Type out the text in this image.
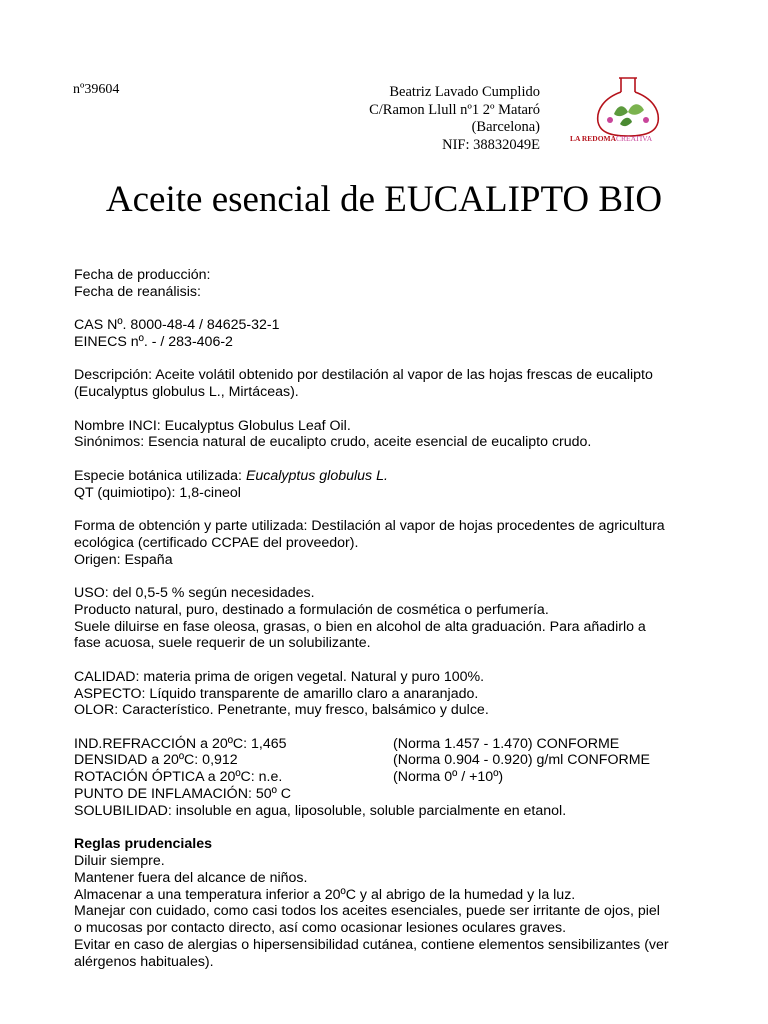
nº39604	Beatriz Lavado Cumplido
C/Ramon Llull nº1 2º Mataró
(Barcelona)
NIF: 38832049E	LA REDOMA CREATIVA
Aceite esencial de EUCALIPTO BIO
Fecha de producción:
Fecha de reanálisis:
CAS Nº. 8000-48-4 / 84625-32-1
EINECS nº. - / 283-406-2
Descripción: Aceite volátil obtenido por destilación al vapor de las hojas frescas de eucalipto
(Eucalyptus globulus L., Mirtáceas).
Nombre INCI: Eucalyptus Globulus Leaf Oil.
Sinónimos: Esencia natural de eucalipto crudo, aceite esencial de eucalipto crudo.
Especie botánica utilizada: Eucalyptus globulus L.
QT (quimiotipo): 1,8-cineol
Forma de obtención y parte utilizada: Destilación al vapor de hojas procedentes de agricultura
ecológica (certificado CCPAE del proveedor).
Origen: España
USO: del 0,5-5 % según necesidades.
Producto natural, puro, destinado a formulación de cosmética o perfumería.
Suele diluirse en fase oleosa, grasas, o bien en alcohol de alta graduación. Para añadirlo a
fase acuosa, suele requerir de un solubilizante.
CALIDAD: materia prima de origen vegetal. Natural y puro 100%.
ASPECTO: Líquido transparente de amarillo claro a anaranjado.
OLOR: Característico. Penetrante, muy fresco, balsámico y dulce.
IND.REFRACCIÓN a 20ºC: 1,465	(Norma 1.457 - 1.470) CONFORME
DENSIDAD a 20ºC: 0,912	(Norma 0.904 - 0.920) g/ml CONFORME
ROTACIÓN ÓPTICA a 20ºC: n.e.	(Norma 0º / +10º)
PUNTO DE INFLAMACIÓN: 50º C
SOLUBILIDAD: insoluble en agua, liposoluble, soluble parcialmente en etanol.
Reglas prudenciales
Diluir siempre.
Mantener fuera del alcance de niños.
Almacenar a una temperatura inferior a 20ºC y al abrigo de la humedad y la luz.
Manejar con cuidado, como casi todos los aceites esenciales, puede ser irritante de ojos, piel
o mucosas por contacto directo, así como ocasionar lesiones oculares graves.
Evitar en caso de alergias o hipersensibilidad cutánea, contiene elementos sensibilizantes (ver
alérgenos habituales).
